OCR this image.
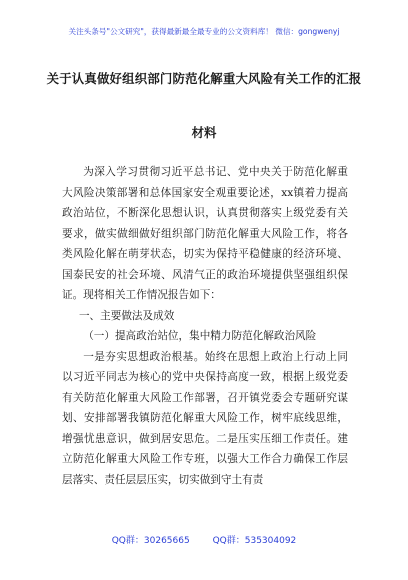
关注头条号"公文研究"，获得最新最全最专业的公文资料库！ 微信：gongwenyj
关于认真做好组织部门防范化解重大风险有关工作的汇报
材料

为深入学习贯彻习近平总书记、党中央关于防范化解重大风险决策部署和总体国家安全观重要论述，xx镇着力提高政治站位，不断深化思想认识，认真贯彻落实上级党委有关要求，做实做细做好组织部门防范化解重大风险工作，将各类风险化解在萌芽状态，切实为保持平稳健康的经济环境、国泰民安的社会环境、风清气正的政治环境提供坚强组织保证。现将相关工作情况报告如下：

一、主要做法及成效

（一）提高政治站位，集中精力防范化解政治风险

一是夯实思想政治根基。始终在思想上政治上行动上同以习近平同志为核心的党中央保持高度一致，根据上级党委有关防范化解重大风险工作部署，召开镇党委会专题研究谋划、安排部署我镇防范化解重大风险工作，树牢底线思维，增强忧患意识，做到居安思危。二是压实压细工作责任。建立防范化解重大风险工作专班，以强大工作合力确保工作层层落实、责任层层压实，切实做到守土有责

QQ群：30265665	QQ群：535304092
